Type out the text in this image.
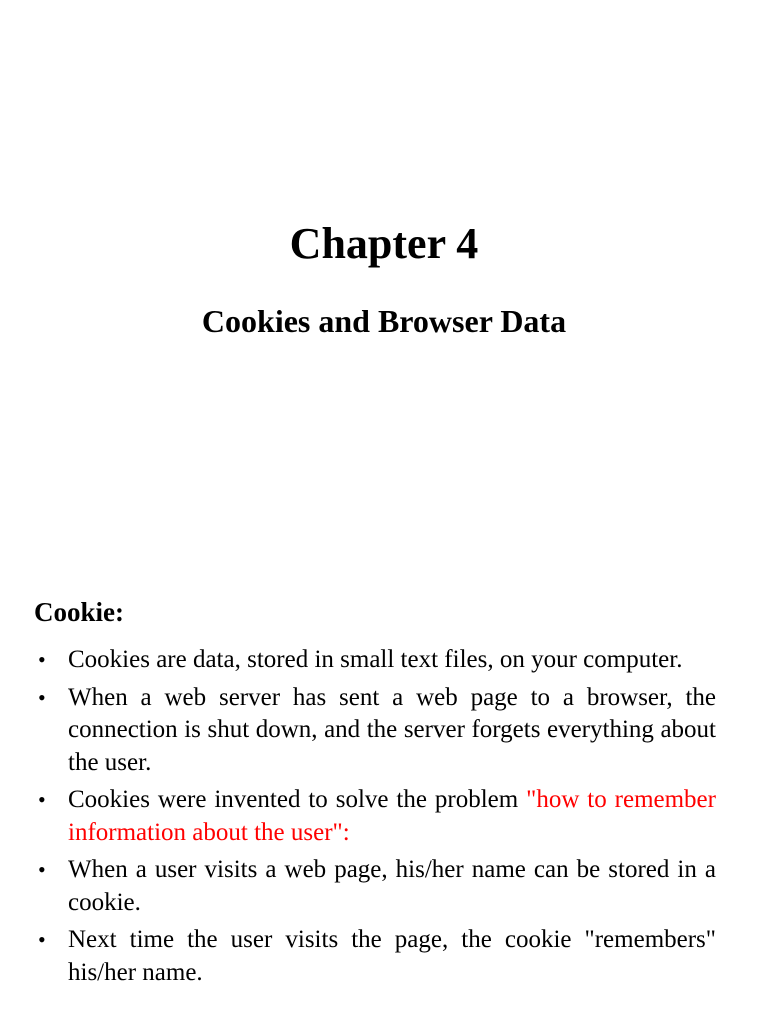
Chapter 4
Cookies and Browser Data
Cookie:
• Cookies are data, stored in small text files, on your computer.
• When a web server has sent a web page to a browser, the connection is shut down, and the server forgets everything about the user.
• Cookies were invented to solve the problem "how to remember information about the user":
• When a user visits a web page, his/her name can be stored in a cookie.
• Next time the user visits the page, the cookie "remembers" his/her name.
